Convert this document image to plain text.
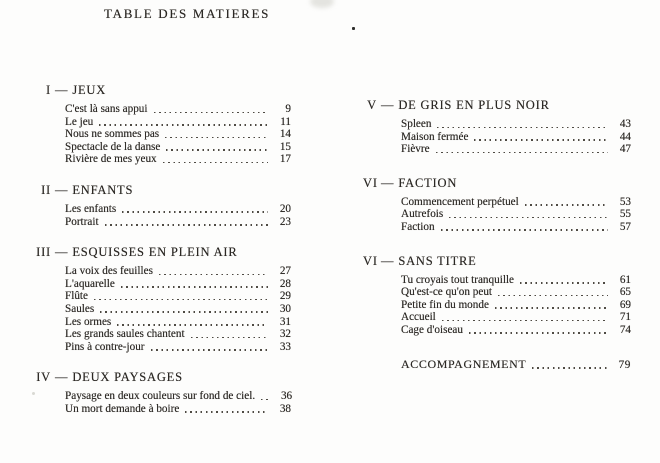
TABLE DES MATIERES
I — JEUX
C'est là sans appui	9
Le jeu	11
Nous ne sommes pas	14
Spectacle de la danse	15
Rivière de mes yeux	17
II — ENFANTS
Les enfants	20
Portrait	23
III — ESQUISSES EN PLEIN AIR
La voix des feuilles	27
L'aquarelle	28
Flûte	29
Saules	30
Les ormes	31
Les grands saules chantent	32
Pins à contre-jour	33
IV — DEUX PAYSAGES
Paysage en deux couleurs sur fond de ciel.	36
Un mort demande à boire	38
V — DE GRIS EN PLUS NOIR
Spleen	43
Maison fermée	44
Fièvre	47
VI — FACTION
Commencement perpétuel	53
Autrefois	55
Faction	57
VI — SANS TITRE
Tu croyais tout tranquille	61
Qu'est-ce qu'on peut	65
Petite fin du monde	69
Accueil	71
Cage d'oiseau	74
ACCOMPAGNEMENT	79
